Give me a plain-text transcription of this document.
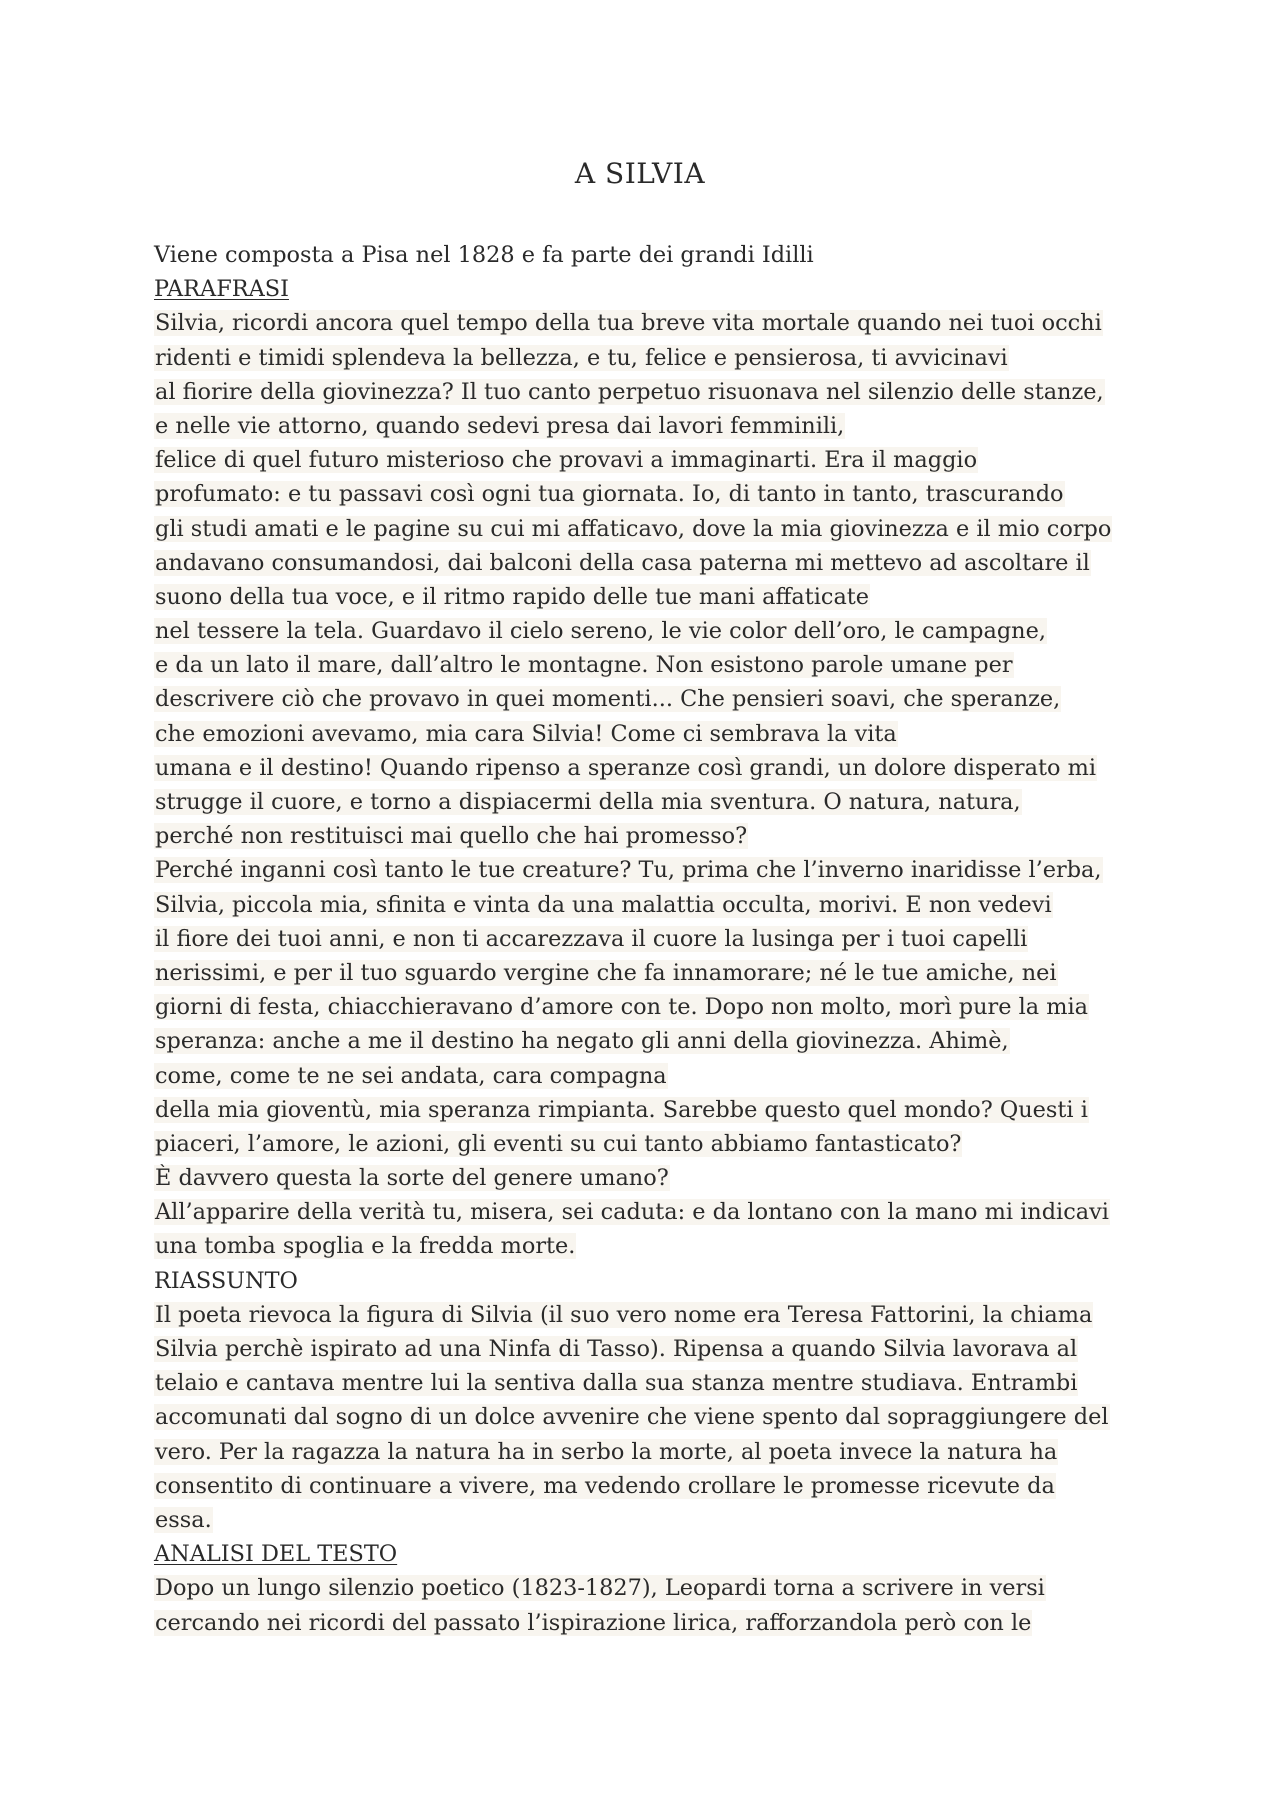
A SILVIA
Viene composta a Pisa nel 1828 e fa parte dei grandi Idilli
PARAFRASI
Silvia, ricordi ancora quel tempo della tua breve vita mortale quando nei tuoi occhi
ridenti e timidi splendeva la bellezza, e tu, felice e pensierosa, ti avvicinavi
al fiorire della giovinezza? Il tuo canto perpetuo risuonava nel silenzio delle stanze,
e nelle vie attorno, quando sedevi presa dai lavori femminili,
felice di quel futuro misterioso che provavi a immaginarti. Era il maggio
profumato: e tu passavi così ogni tua giornata. Io, di tanto in tanto, trascurando
gli studi amati e le pagine su cui mi affaticavo, dove la mia giovinezza e il mio corpo
andavano consumandosi, dai balconi della casa paterna mi mettevo ad ascoltare il
suono della tua voce, e il ritmo rapido delle tue mani affaticate
nel tessere la tela. Guardavo il cielo sereno, le vie color dell’oro, le campagne,
e da un lato il mare, dall’altro le montagne. Non esistono parole umane per
descrivere ciò che provavo in quei momenti... Che pensieri soavi, che speranze,
che emozioni avevamo, mia cara Silvia! Come ci sembrava la vita
umana e il destino! Quando ripenso a speranze così grandi, un dolore disperato mi
strugge il cuore, e torno a dispiacermi della mia sventura. O natura, natura,
perché non restituisci mai quello che hai promesso?
Perché inganni così tanto le tue creature? Tu, prima che l’inverno inaridisse l’erba,
Silvia, piccola mia, sfinita e vinta da una malattia occulta, morivi. E non vedevi
il fiore dei tuoi anni, e non ti accarezzava il cuore la lusinga per i tuoi capelli
nerissimi, e per il tuo sguardo vergine che fa innamorare; né le tue amiche, nei
giorni di festa, chiacchieravano d’amore con te. Dopo non molto, morì pure la mia
speranza: anche a me il destino ha negato gli anni della giovinezza. Ahimè,
come, come te ne sei andata, cara compagna
della mia gioventù, mia speranza rimpianta. Sarebbe questo quel mondo? Questi i
piaceri, l’amore, le azioni, gli eventi su cui tanto abbiamo fantasticato?
È davvero questa la sorte del genere umano?
All’apparire della verità tu, misera, sei caduta: e da lontano con la mano mi indicavi
una tomba spoglia e la fredda morte.
RIASSUNTO
Il poeta rievoca la figura di Silvia (il suo vero nome era Teresa Fattorini, la chiama
Silvia perchè ispirato ad una Ninfa di Tasso). Ripensa a quando Silvia lavorava al
telaio e cantava mentre lui la sentiva dalla sua stanza mentre studiava. Entrambi
accomunati dal sogno di un dolce avvenire che viene spento dal sopraggiungere del
vero. Per la ragazza la natura ha in serbo la morte, al poeta invece la natura ha
consentito di continuare a vivere, ma vedendo crollare le promesse ricevute da
essa.
ANALISI DEL TESTO
Dopo un lungo silenzio poetico (1823-1827), Leopardi torna a scrivere in versi
cercando nei ricordi del passato l’ispirazione lirica, rafforzandola però con le
